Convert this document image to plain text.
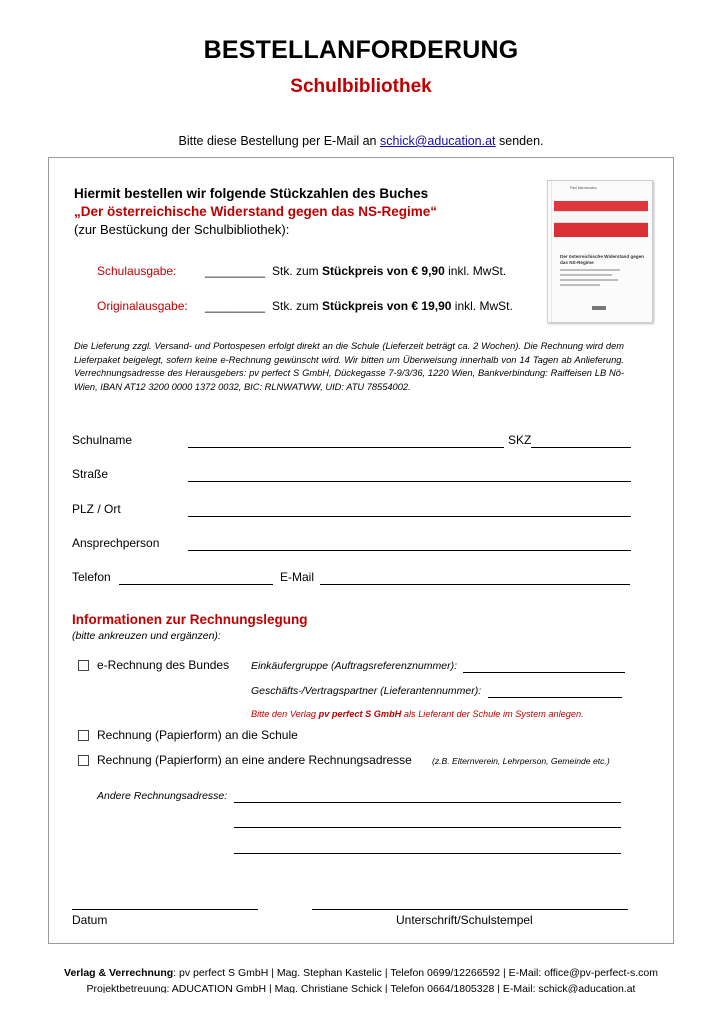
BESTELLANFORDERUNG
Schulbibliothek
Bitte diese Bestellung per E-Mail an schick@aducation.at senden.
Hiermit bestellen wir folgende Stückzahlen des Buches
„Der österreichische Widerstand gegen das NS-Regime“
(zur Bestückung der Schulbibliothek):
Schulausgabe: _________ Stk. zum Stückpreis von € 9,90 inkl. MwSt.
Originalausgabe: _________ Stk. zum Stückpreis von € 19,90 inkl. MwSt.
Paul Marholowics
Der österreichische Widerstand gegen das NS-Regime
Die Lieferung zzgl. Versand- und Portospesen erfolgt direkt an die Schule (Lieferzeit beträgt ca. 2 Wochen). Die Rechnung wird dem Lieferpaket beigelegt, sofern keine e-Rechnung gewünscht wird. Wir bitten um Überweisung innerhalb von 14 Tagen ab Anlieferung. Verrechnungsadresse des Herausgebers: pv perfect S GmbH, Dückegasse 7-9/3/36, 1220 Wien, Bankverbindung: Raiffeisen LB Nö-Wien, IBAN AT12 3200 0000 1372 0032, BIC: RLNWATWW, UID: ATU 78554002.
Schulname	SKZ
Straße
PLZ / Ort
Ansprechperson
Telefon	E-Mail
Informationen zur Rechnungslegung
(bitte ankreuzen und ergänzen):
e-Rechnung des Bundes Einkäufergruppe (Auftragsreferenznummer):
Geschäfts-/Vertragspartner (Lieferantennummer):
Bitte den Verlag pv perfect S GmbH als Lieferant der Schule im System anlegen.
Rechnung (Papierform) an die Schule
Rechnung (Papierform) an eine andere Rechnungsadresse (z.B. Elternverein, Lehrperson, Gemeinde etc.)
Andere Rechnungsadresse:
Datum	Unterschrift/Schulstempel
Verlag & Verrechnung: pv perfect S GmbH | Mag. Stephan Kastelic | Telefon 0699/12266592 | E-Mail: office@pv-perfect-s.com
Projektbetreuung: ADUCATION GmbH | Mag. Christiane Schick | Telefon 0664/1805328 | E-Mail: schick@aducation.at
